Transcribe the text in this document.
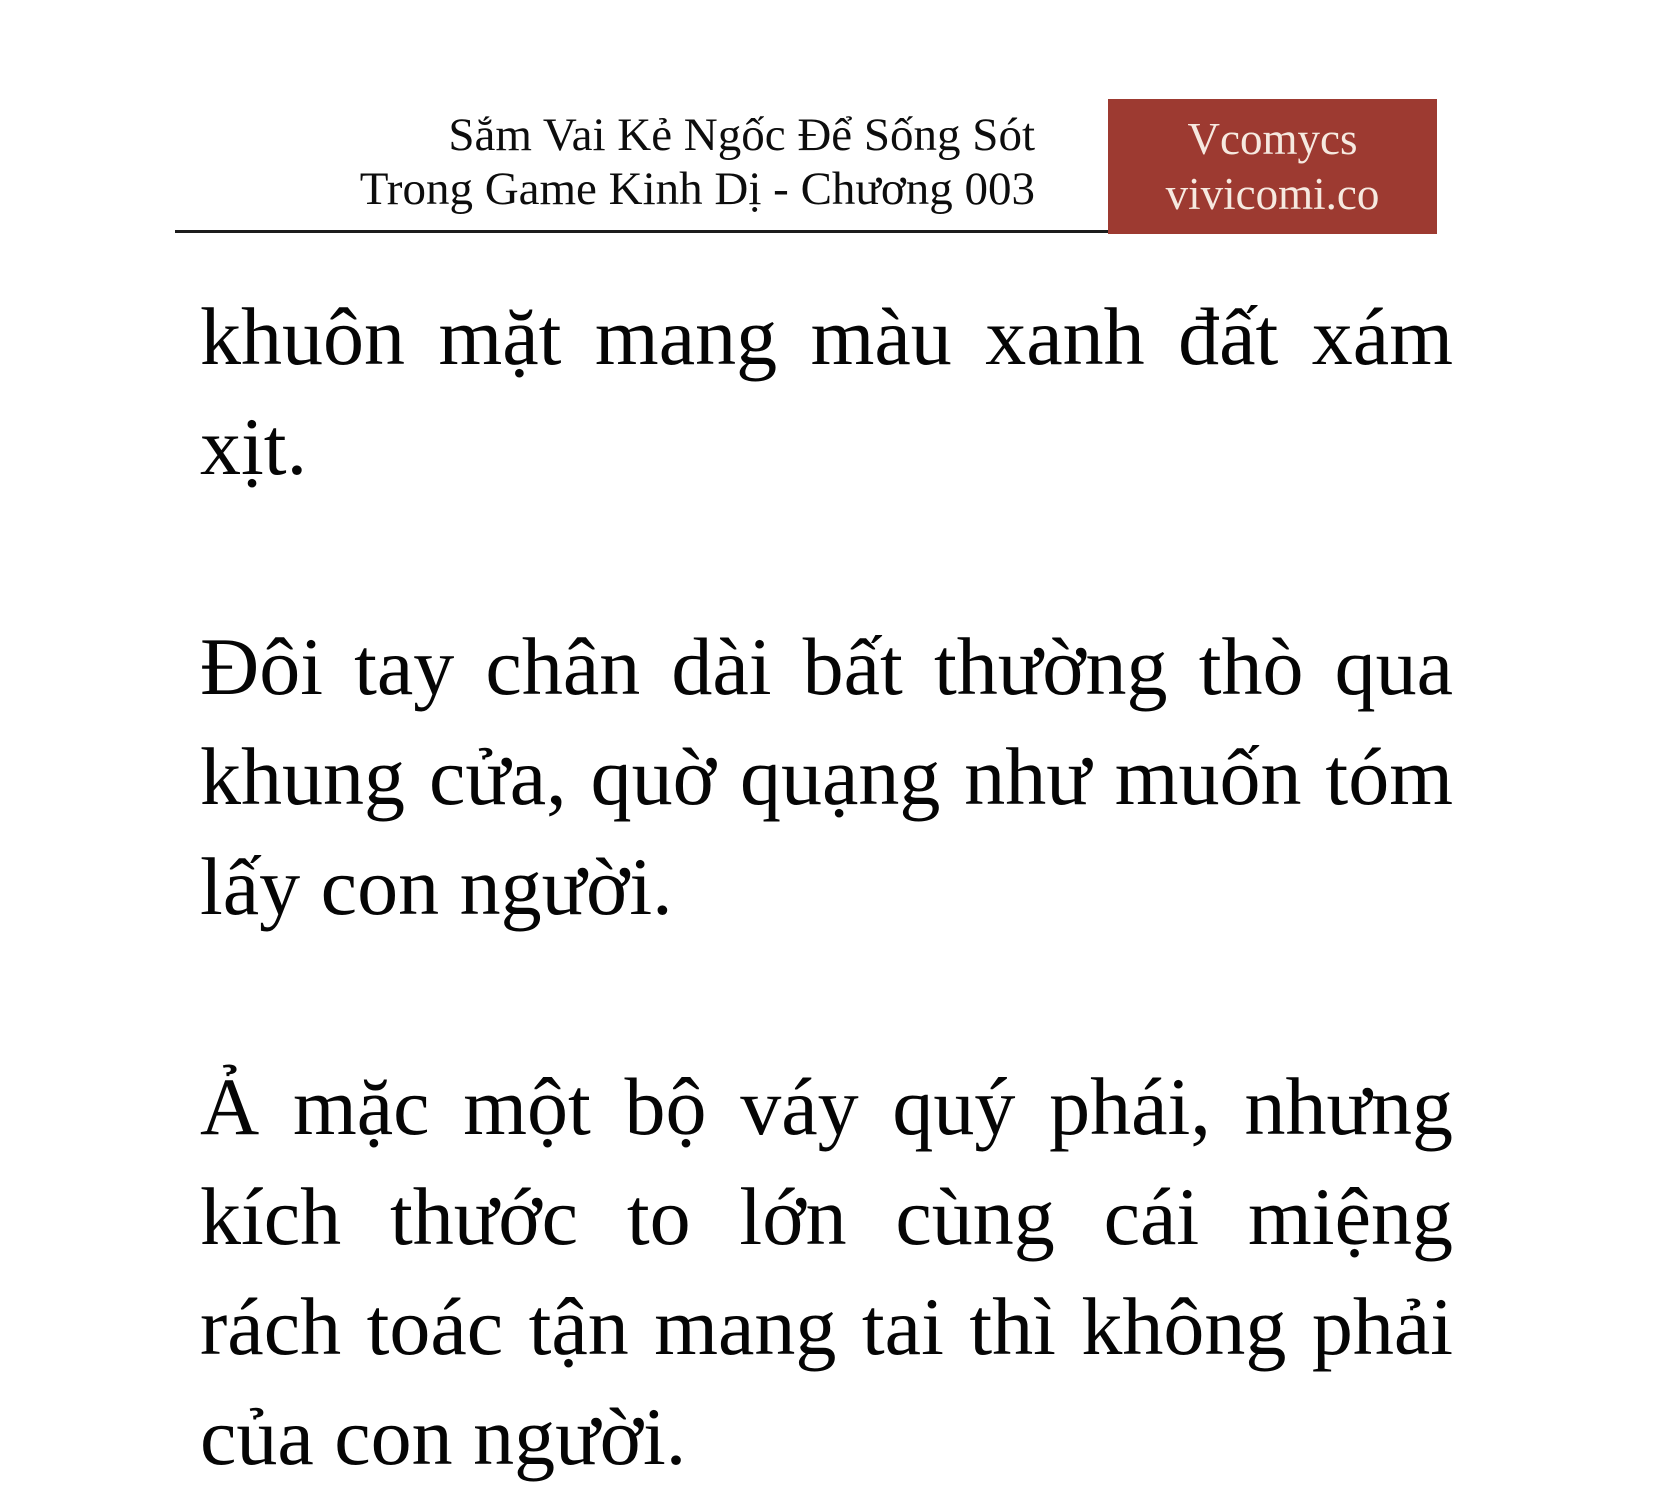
Sắm Vai Kẻ Ngốc Để Sống Sót
Trong Game Kinh Dị - Chương 003
Vcomycs
vivicomi.co
khuôn mặt mang màu xanh đất xám
xịt.
Đôi tay chân dài bất thường thò qua
khung cửa, quờ quạng như muốn tóm
lấy con người.
Ả mặc một bộ váy quý phái, nhưng
kích thước to lớn cùng cái miệng
rách toác tận mang tai thì không phải
của con người.
